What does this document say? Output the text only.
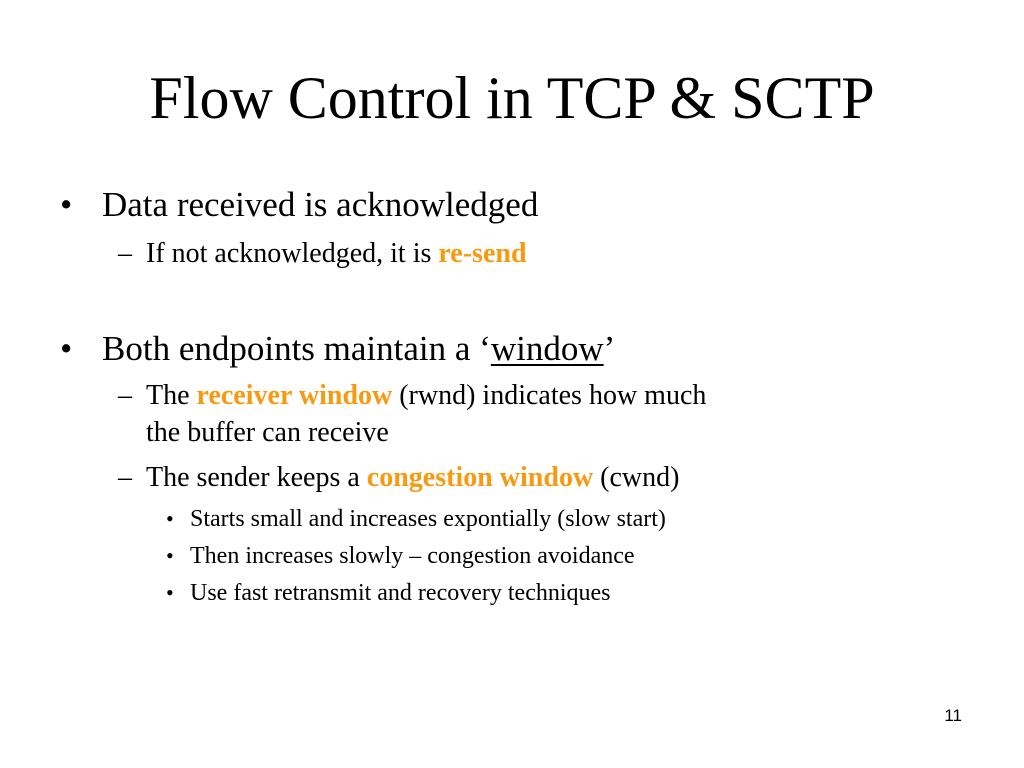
Flow Control in TCP & SCTP
• Data received is acknowledged
– If not acknowledged, it is re-send
• Both endpoints maintain a ‘window’
– The receiver window (rwnd) indicates how much
the buffer can receive
– The sender keeps a congestion window (cwnd)
• Starts small and increases expontially (slow start)
• Then increases slowly – congestion avoidance
• Use fast retransmit and recovery techniques
11
